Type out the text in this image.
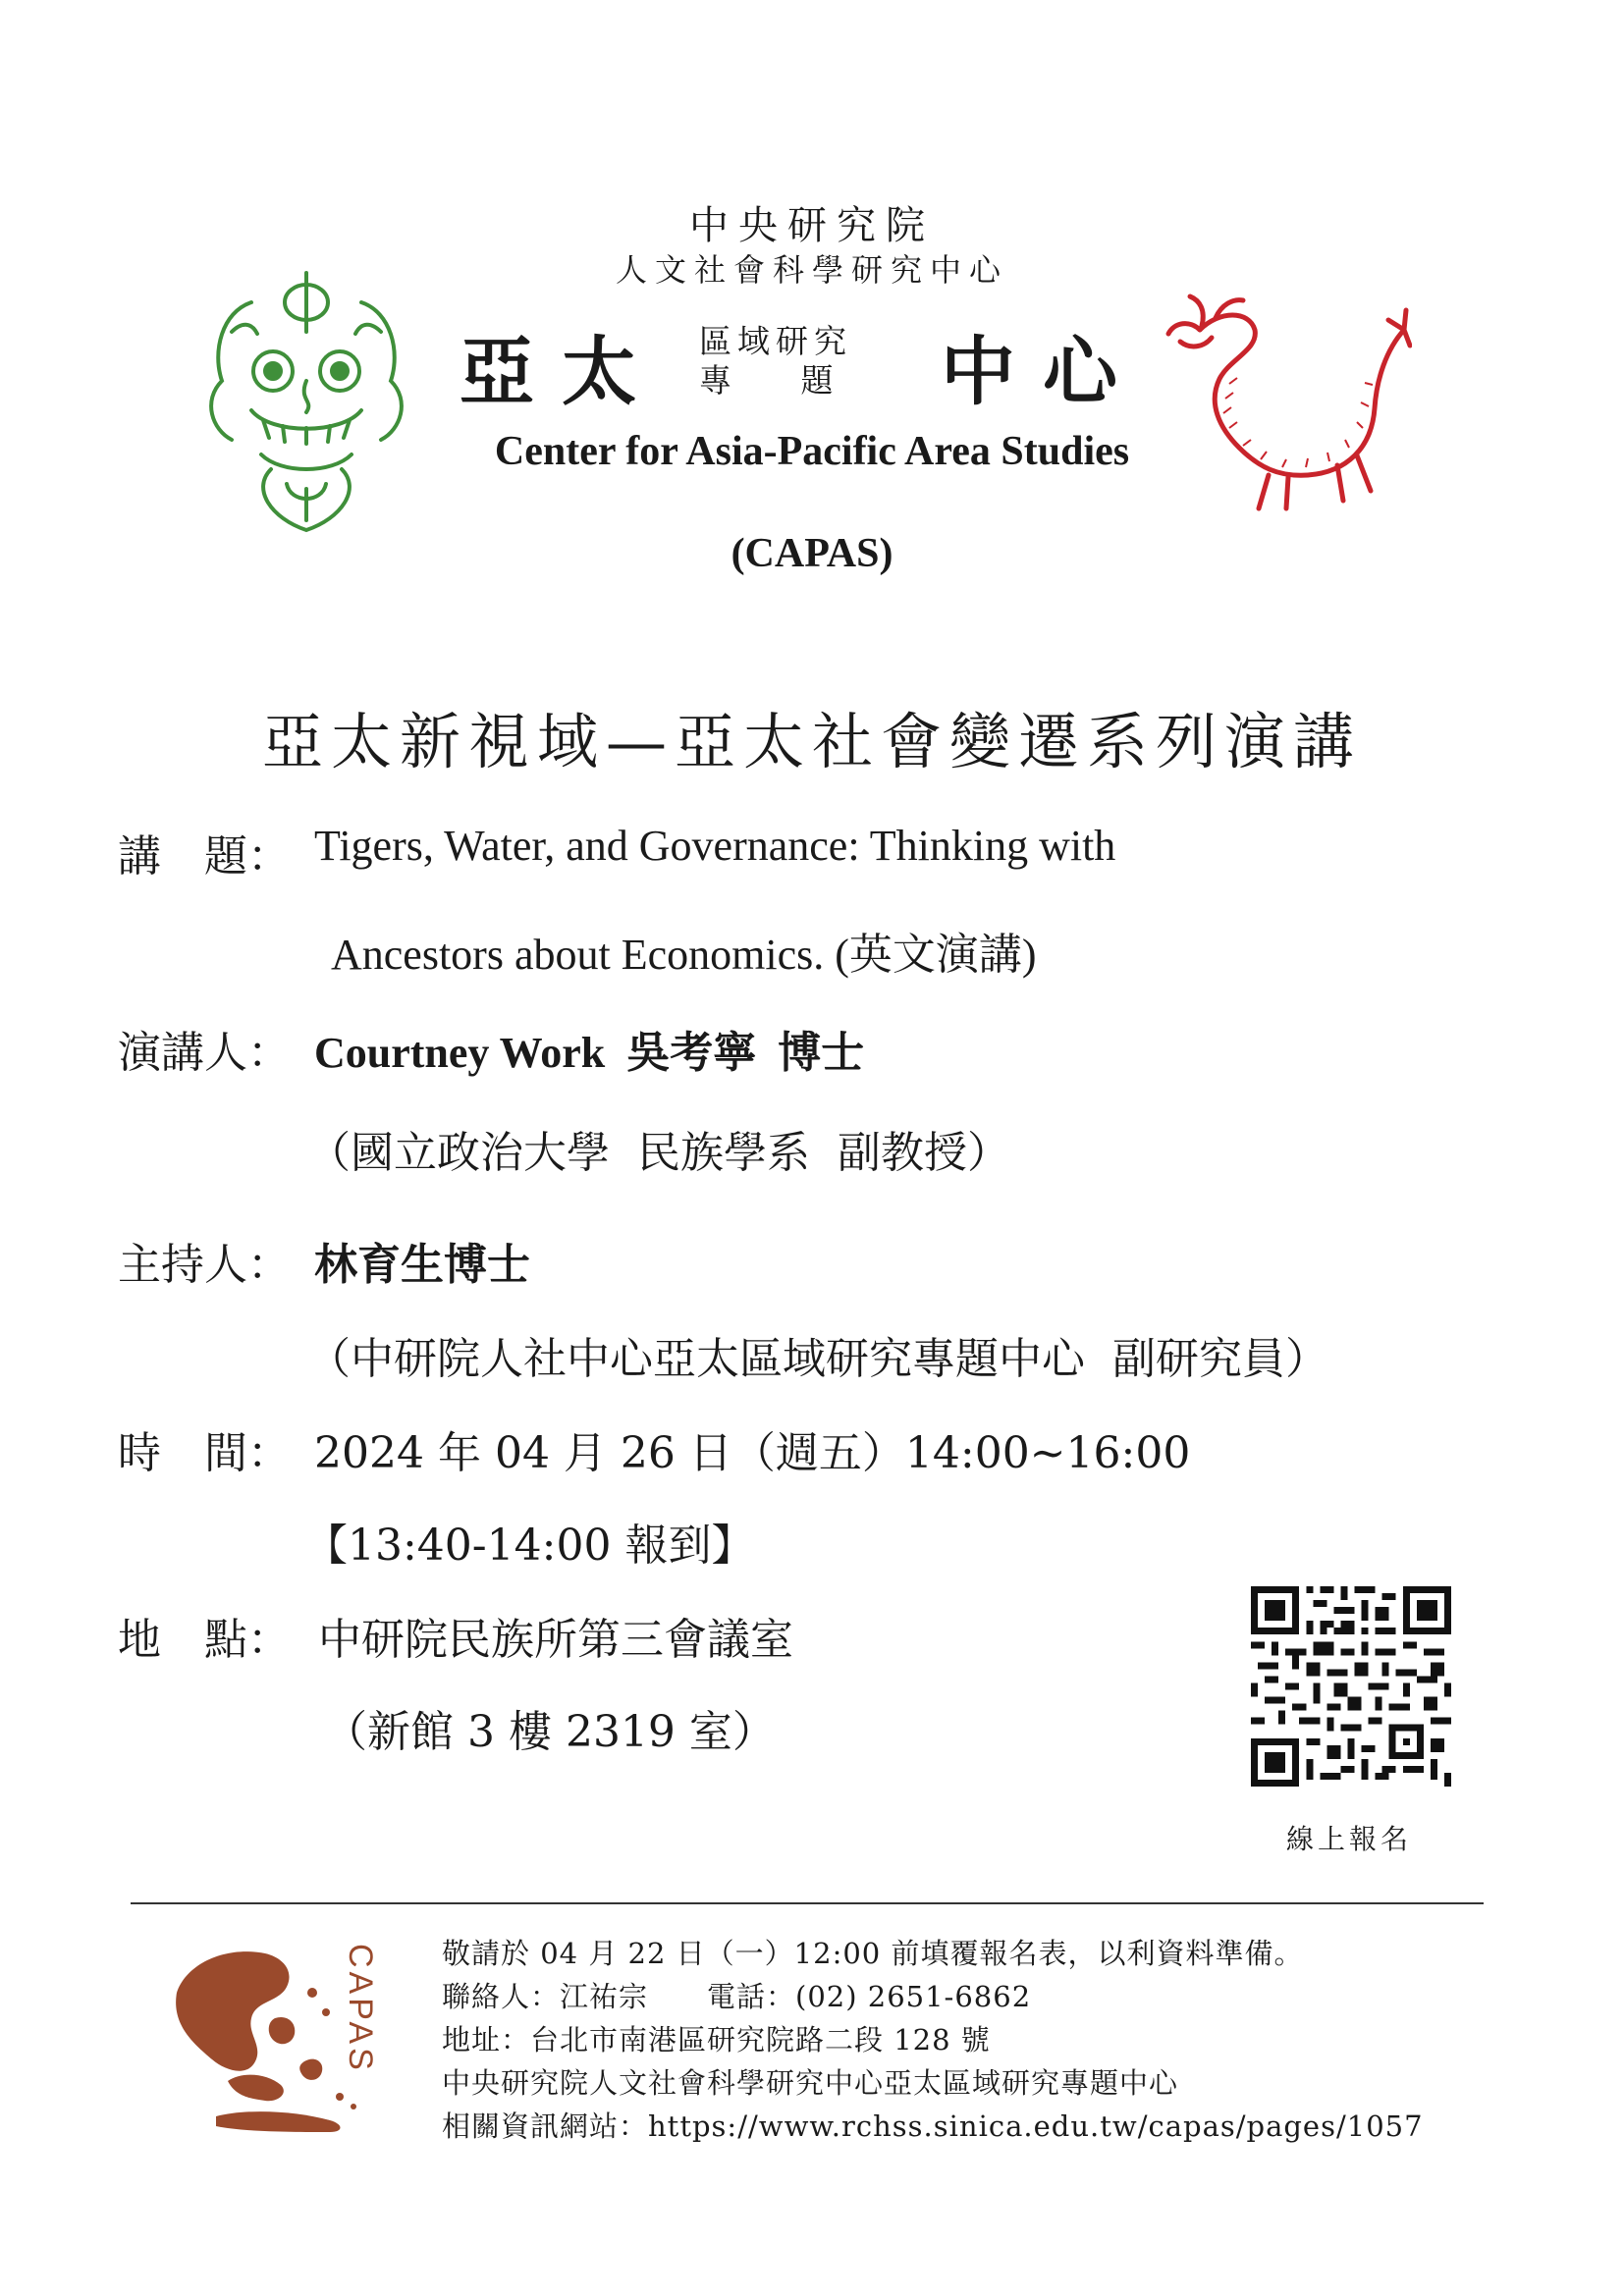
中央研究院
人文社會科學研究中心
亞太 區域研究
專 題 中心
Center for Asia-Pacific Area Studies
(CAPAS)
亞太新視域—亞太社會變遷系列演講
講　題： Tigers, Water, and Governance: Thinking with
Ancestors about Economics. (英文演講)
演講人： Courtney Work  吳考寧  博士
（國立政治大學  民族學系  副教授）
主持人： 林育生博士
（中研院人社中心亞太區域研究專題中心  副研究員）
時　間： 2024 年 04 月 26 日（週五）14:00~16:00
【13:40-14:00 報到】
地　點： 中研院民族所第三會議室
（新館 3 樓 2319 室）
線上報名
CAPAS 敬請於 04 月 22 日（一）12:00 前填覆報名表，以利資料準備。
聯絡人：江祐宗　　電話：(02) 2651-6862
地址：台北市南港區研究院路二段 128 號
中央研究院人文社會科學研究中心亞太區域研究專題中心
相關資訊網站：https://www.rchss.sinica.edu.tw/capas/pages/1057
